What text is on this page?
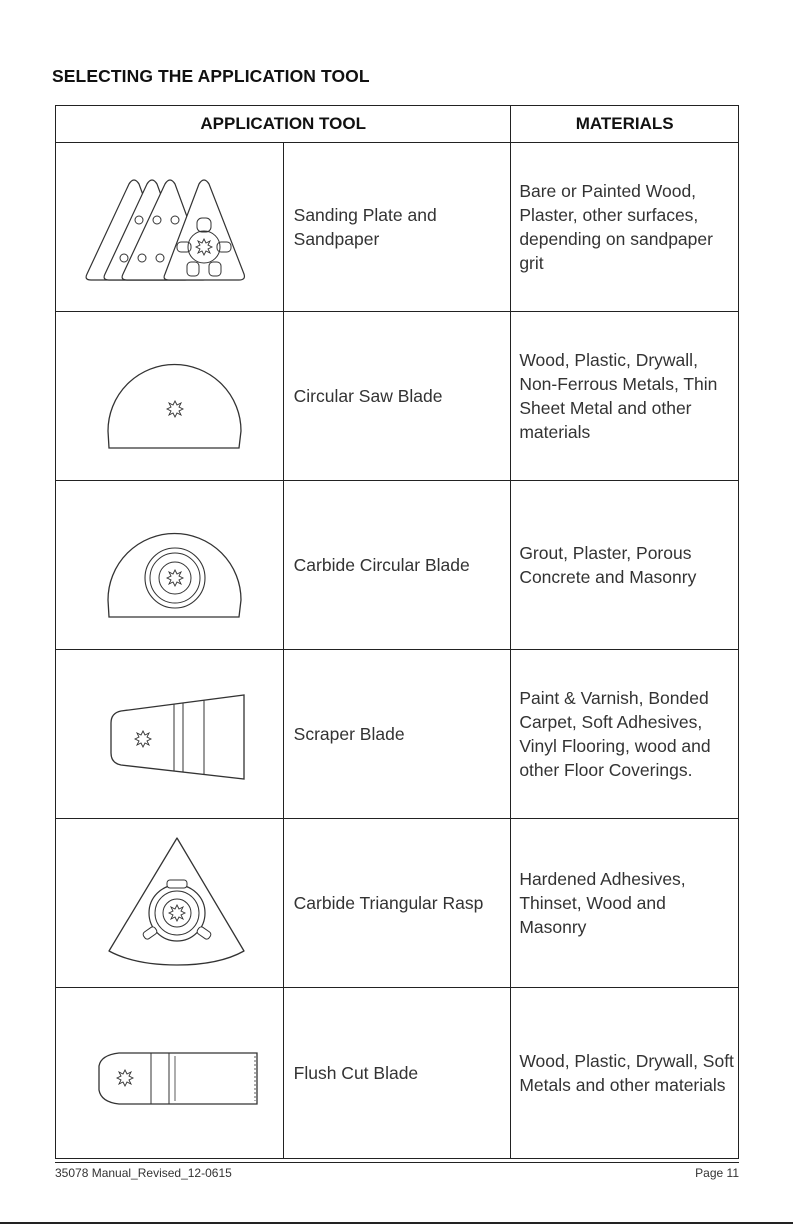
SELECTING THE APPLICATION TOOL
APPLICATION TOOL		MATERIALS

	Sanding Plate and Sandpaper	Bare or Painted Wood, Plaster, other surfaces, depending on sandpaper grit

	Circular Saw Blade	Wood, Plastic, Drywall, Non-Ferrous Metals, Thin Sheet Metal and other materials

	Carbide Circular Blade	Grout, Plaster, Porous Concrete and Masonry

	Scraper Blade	Paint & Varnish, Bonded Carpet, Soft Adhesives, Vinyl Flooring, wood and other Floor Coverings.

	Carbide Triangular Rasp	Hardened Adhesives, Thinset, Wood and Masonry

	Flush Cut Blade	Wood, Plastic, Drywall, Soft Metals and other materials
35078 Manual_Revised_12-0615	Page 11
